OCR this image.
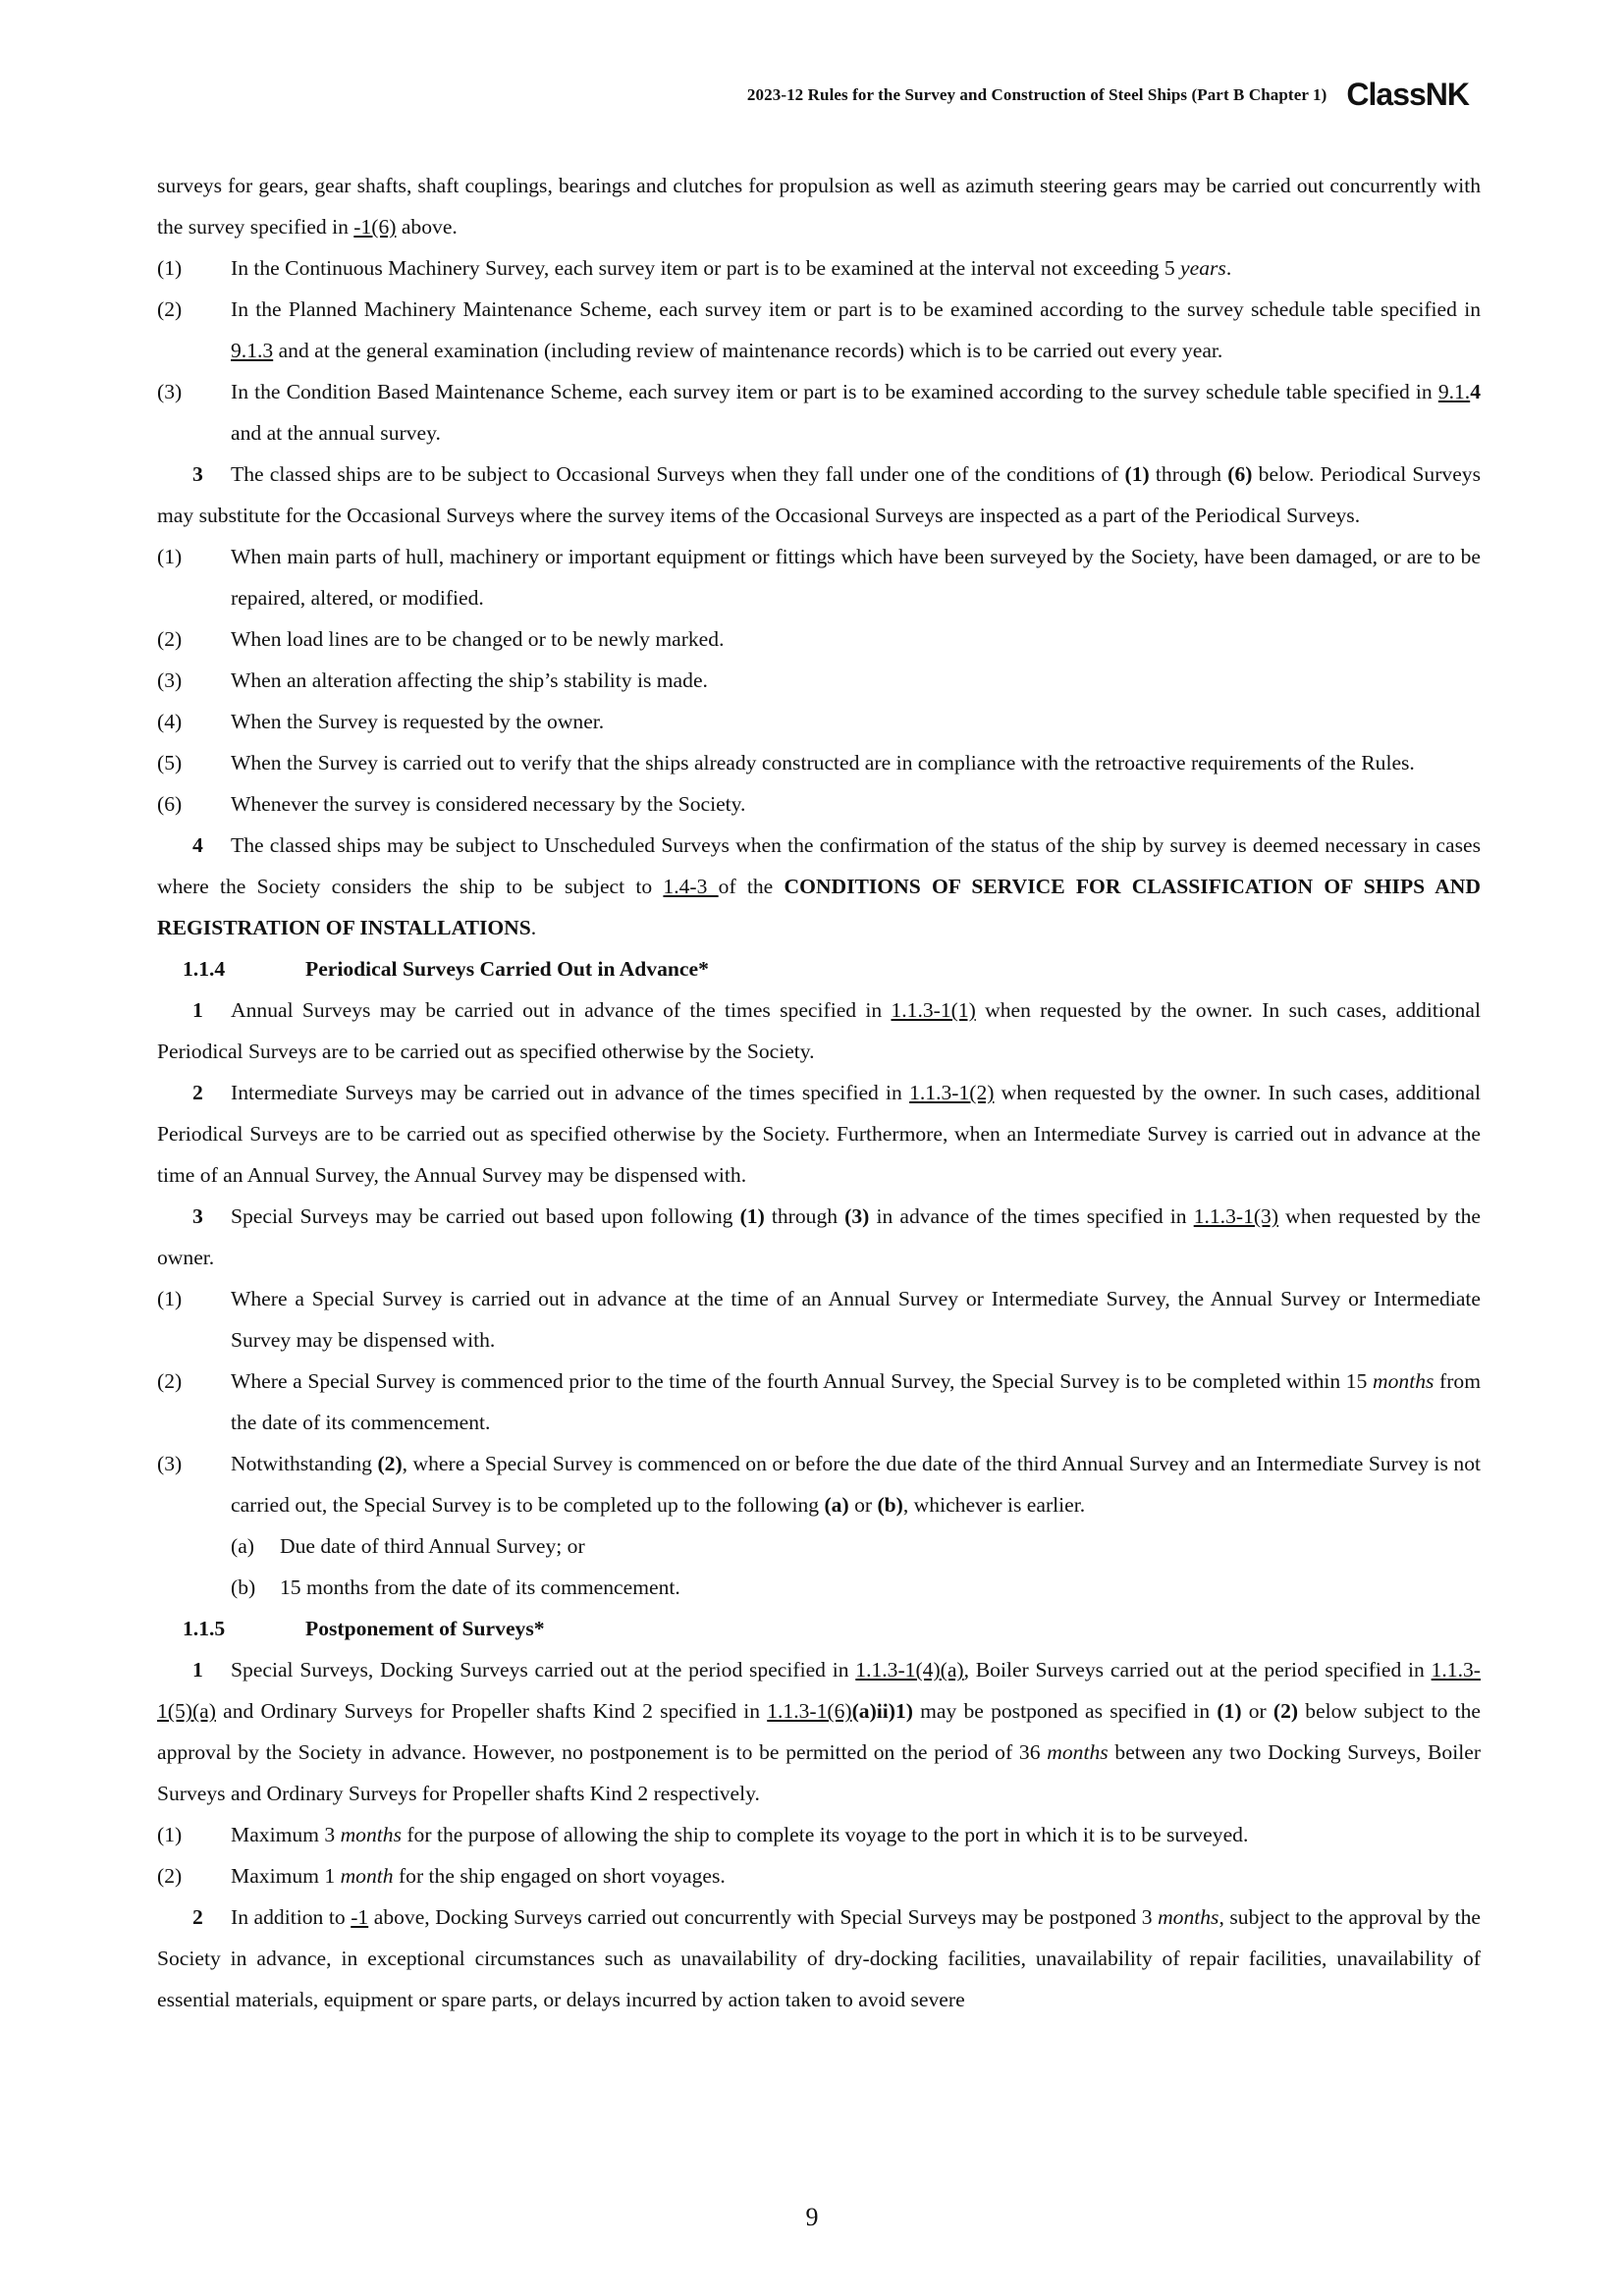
2023-12 Rules for the Survey and Construction of Steel Ships (Part B Chapter 1) ClassNK

surveys for gears, gear shafts, shaft couplings, bearings and clutches for propulsion as well as azimuth steering gears may be carried out concurrently with the survey specified in -1(6) above.

(1) In the Continuous Machinery Survey, each survey item or part is to be examined at the interval not exceeding 5 years.

(2) In the Planned Machinery Maintenance Scheme, each survey item or part is to be examined according to the survey schedule table specified in 9.1.3 and at the general examination (including review of maintenance records) which is to be carried out every year.

(3) In the Condition Based Maintenance Scheme, each survey item or part is to be examined according to the survey schedule table specified in 9.1.4 and at the annual survey.

3 The classed ships are to be subject to Occasional Surveys when they fall under one of the conditions of (1) through (6) below. Periodical Surveys may substitute for the Occasional Surveys where the survey items of the Occasional Surveys are inspected as a part of the Periodical Surveys.

(1) When main parts of hull, machinery or important equipment or fittings which have been surveyed by the Society, have been damaged, or are to be repaired, altered, or modified.

(2) When load lines are to be changed or to be newly marked.

(3) When an alteration affecting the ship’s stability is made.

(4) When the Survey is requested by the owner.

(5) When the Survey is carried out to verify that the ships already constructed are in compliance with the retroactive requirements of the Rules.

(6) Whenever the survey is considered necessary by the Society.

4 The classed ships may be subject to Unscheduled Surveys when the confirmation of the status of the ship by survey is deemed necessary in cases where the Society considers the ship to be subject to 1.4-3 of the CONDITIONS OF SERVICE FOR CLASSIFICATION OF SHIPS AND REGISTRATION OF INSTALLATIONS.

1.1.4	Periodical Surveys Carried Out in Advance*

1 Annual Surveys may be carried out in advance of the times specified in 1.1.3-1(1) when requested by the owner. In such cases, additional Periodical Surveys are to be carried out as specified otherwise by the Society.

2 Intermediate Surveys may be carried out in advance of the times specified in 1.1.3-1(2) when requested by the owner. In such cases, additional Periodical Surveys are to be carried out as specified otherwise by the Society. Furthermore, when an Intermediate Survey is carried out in advance at the time of an Annual Survey, the Annual Survey may be dispensed with.

3 Special Surveys may be carried out based upon following (1) through (3) in advance of the times specified in 1.1.3-1(3) when requested by the owner.

(1) Where a Special Survey is carried out in advance at the time of an Annual Survey or Intermediate Survey, the Annual Survey or Intermediate Survey may be dispensed with.

(2) Where a Special Survey is commenced prior to the time of the fourth Annual Survey, the Special Survey is to be completed within 15 months from the date of its commencement.

(3) Notwithstanding (2), where a Special Survey is commenced on or before the due date of the third Annual Survey and an Intermediate Survey is not carried out, the Special Survey is to be completed up to the following (a) or (b), whichever is earlier.

(a) Due date of third Annual Survey; or

(b) 15 months from the date of its commencement.

1.1.5	Postponement of Surveys*

1 Special Surveys, Docking Surveys carried out at the period specified in 1.1.3-1(4)(a), Boiler Surveys carried out at the period specified in 1.1.3-1(5)(a) and Ordinary Surveys for Propeller shafts Kind 2 specified in 1.1.3-1(6)(a)ii)1) may be postponed as specified in (1) or (2) below subject to the approval by the Society in advance. However, no postponement is to be permitted on the period of 36 months between any two Docking Surveys, Boiler Surveys and Ordinary Surveys for Propeller shafts Kind 2 respectively.

(1) Maximum 3 months for the purpose of allowing the ship to complete its voyage to the port in which it is to be surveyed.

(2) Maximum 1 month for the ship engaged on short voyages.

2 In addition to -1 above, Docking Surveys carried out concurrently with Special Surveys may be postponed 3 months, subject to the approval by the Society in advance, in exceptional circumstances such as unavailability of dry-docking facilities, unavailability of repair facilities, unavailability of essential materials, equipment or spare parts, or delays incurred by action taken to avoid severe

9
